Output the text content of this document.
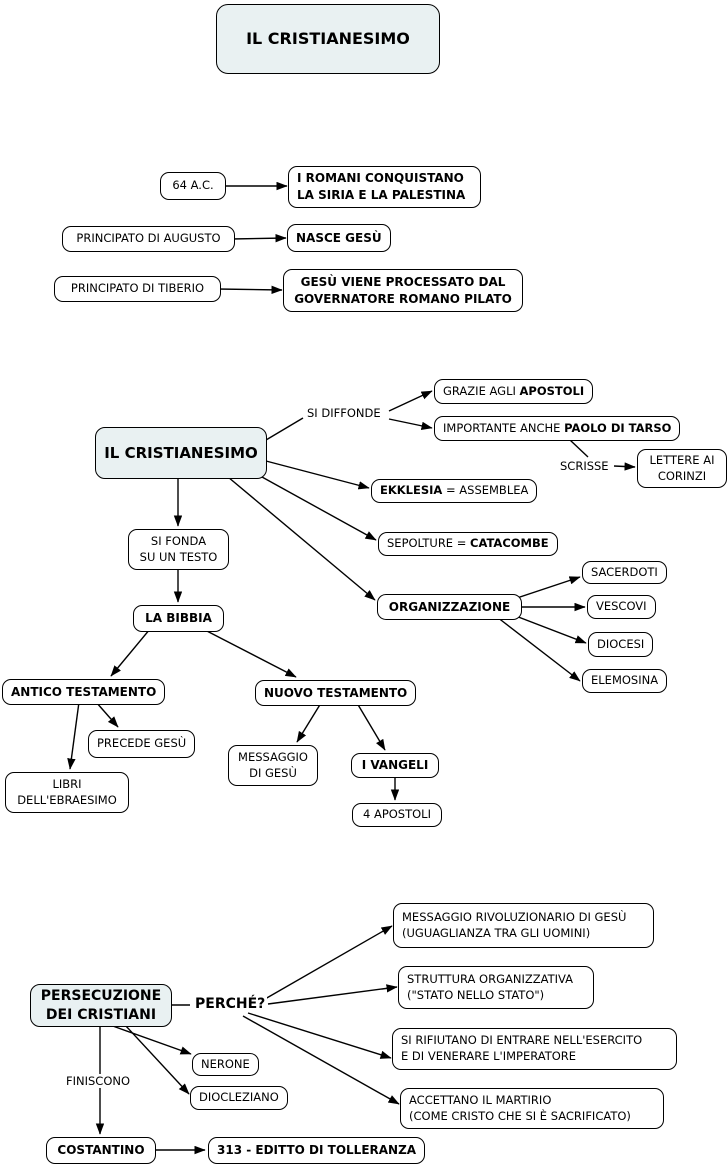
IL CRISTIANESIMO
64 A.C.
I ROMANI CONQUISTANO
LA SIRIA E LA PALESTINA
PRINCIPATO DI AUGUSTO	NASCE GESÙ
PRINCIPATO DI TIBERIO	GESÙ VIENE PROCESSATO DAL
GOVERNATORE ROMANO PILATO
IL CRISTIANESIMO
SI DIFFONDE
GRAZIE AGLI APOSTOLI
IMPORTANTE ANCHE PAOLO DI TARSO
SCRISSE	LETTERE AI
CORINZI
EKKLESIA = ASSEMBLEA
SEPOLTURE = CATACOMBE
SI FONDA
SU UN TESTO
LA BIBBIA
ORGANIZZAZIONE
SACERDOTI
VESCOVI
DIOCESI
ELEMOSINA
ANTICO TESTAMENTO	NUOVO TESTAMENTO
PRECEDE GESÙ
LIBRI
DELL'EBRAESIMO
MESSAGGIO
DI GESÙ
I VANGELI
4 APOSTOLI
PERSECUZIONE
DEI CRISTIANI
PERCHÉ?
MESSAGGIO RIVOLUZIONARIO DI GESÙ
(UGUAGLIANZA TRA GLI UOMINI)
STRUTTURA ORGANIZZATIVA
("STATO NELLO STATO")
SI RIFIUTANO DI ENTRARE NELL'ESERCITO
E DI VENERARE L'IMPERATORE
ACCETTANO IL MARTIRIO
(COME CRISTO CHE SI È SACRIFICATO)
NERONE
DIOCLEZIANO
FINISCONO
COSTANTINO	313 - EDITTO DI TOLLERANZA
